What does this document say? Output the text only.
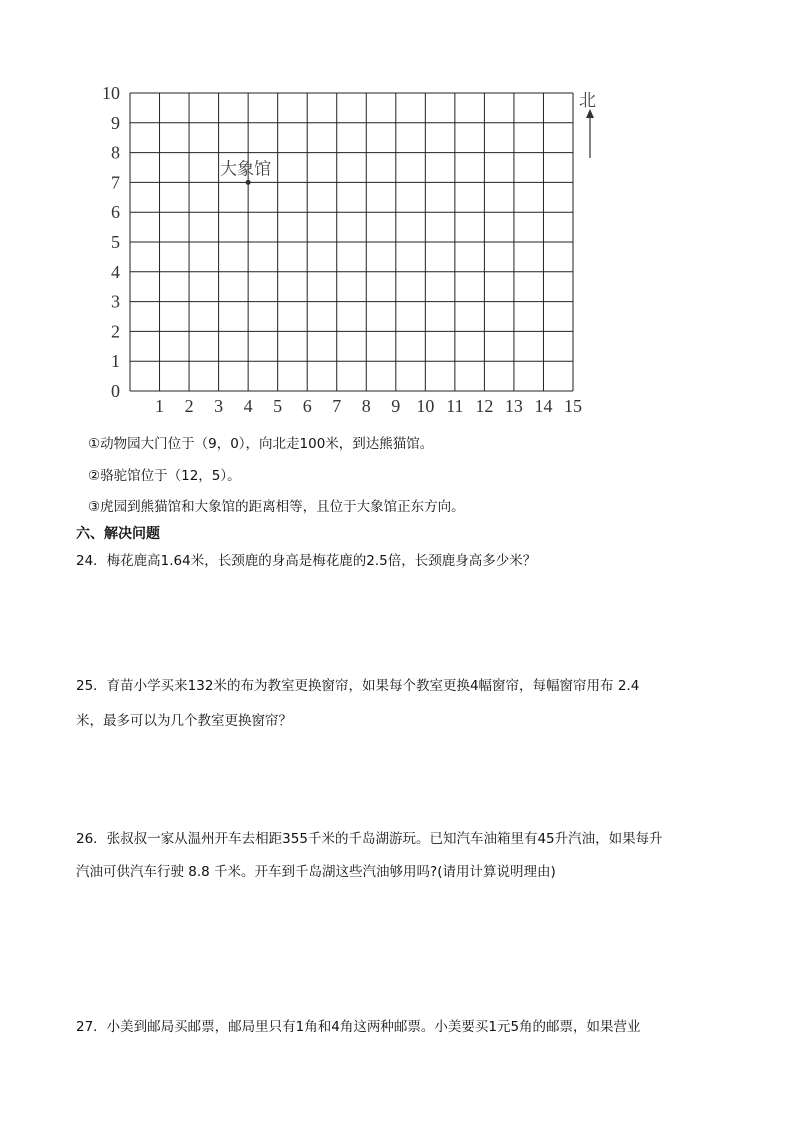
1 2 3 4 5 6 7 8 9 10 11 12 13 14 15
0
1
2
3
4
5
6
7
8
9
10
大象馆
北
①动物园大门位于（9，0），向北走100米，到达熊猫馆。
②骆驼馆位于（12，5）。
③虎园到熊猫馆和大象馆的距离相等，且位于大象馆正东方向。
六、解决问题
24．梅花鹿高1.64米，长颈鹿的身高是梅花鹿的2.5倍，长颈鹿身高多少米？
25．育苗小学买来132米的布为教室更换窗帘，如果每个教室更换4幅窗帘，每幅窗帘用布 2.4
米，最多可以为几个教室更换窗帘？
26．张叔叔一家从温州开车去相距355千米的千岛湖游玩。已知汽车油箱里有45升汽油，如果每升
汽油可供汽车行驶 8.8 千米。开车到千岛湖这些汽油够用吗?(请用计算说明理由)
27．小美到邮局买邮票，邮局里只有1角和4角这两种邮票。小美要买1元5角的邮票，如果营业
